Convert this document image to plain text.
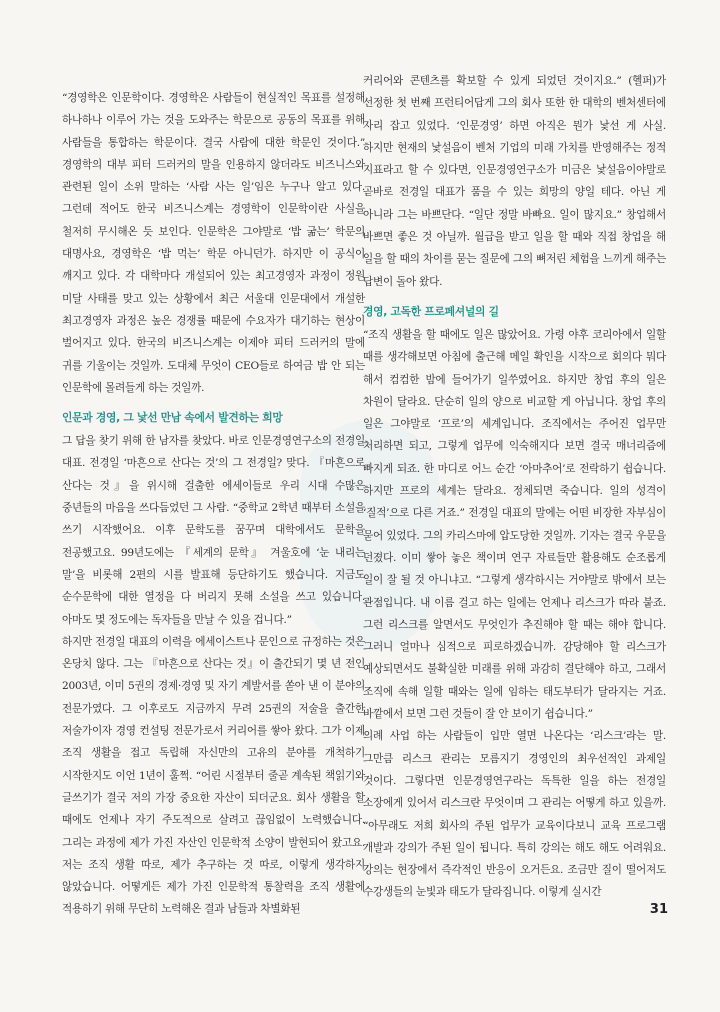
“경영학은 인문학이다. 경영학은 사람들이 현실적인 목표를 설정해 하나하나 이루어 가는 것을 도와주는 학문으로 공동의 목표를 위해 사람들을 통합하는 학문이다. 결국 사람에 대한 학문인 것이다.” 경영학의 대부 피터 드러커의 말을 인용하지 않더라도 비즈니스와 관련된 일이 소위 말하는 ‘사람 사는 일’임은 누구나 알고 있다. 그런데 적어도 한국 비즈니스계는 경영학이 인문학이란 사실을 철저히 무시해온 듯 보인다. 인문학은 그야말로 ‘밥 굶는’ 학문의 대명사요, 경영학은 ‘밥 먹는’ 학문 아니던가. 하지만 이 공식이 깨지고 있다. 각 대학마다 개설되어 있는 최고경영자 과정이 정원 미달 사태를 맞고 있는 상황에서 최근 서울대 인문대에서 개설한 최고경영자 과정은 높은 경쟁률 때문에 수요자가 대기하는 현상이 벌어지고 있다. 한국의 비즈니스계는 이제야 피터 드러커의 말에 귀를 기울이는 것일까. 도대체 무엇이 CEO들로 하여금 밥 안 되는 인문학에 몰려들게 하는 것일까.

인문과 경영, 그 낯선 만남 속에서 발견하는 희망

그 답을 찾기 위해 한 남자를 찾았다. 바로 인문경영연구소의 전경일 대표. 전경일 ‘마흔으로 산다는 것’의 그 전경일? 맞다. 『마흔으로 산다는 것』을 위시해 걸출한 에세이들로 우리 시대 수많은 중년들의 마음을 쓰다듬었던 그 사람. “중학교 2학년 때부터 소설을 쓰기 시작했어요. 이후 문학도를 꿈꾸며 대학에서도 문학을 전공했고요. 99년도에는 『세계의 문학』 겨울호에 ‘눈 내리는 말’을 비롯해 2편의 시를 발표해 등단하기도 했습니다. 지금도 순수문학에 대한 열정을 다 버리지 못해 소설을 쓰고 있습니다. 아마도 몇 정도에는 독자들을 만날 수 있을 겁니다.”

하지만 전경일 대표의 이력을 에세이스트나 문인으로 규정하는 것은 온당치 않다. 그는 『마흔으로 산다는 것』이 출간되기 몇 년 전인 2003년, 이미 5권의 경제·경영 및 자기 계발서를 쏟아 낸 이 분야의 전문가였다. 그 이후로도 지금까지 무려 25권의 저술을 출간한 저술가이자 경영 컨설팅 전문가로서 커리어를 쌓아 왔다. 그가 이제 조직 생활을 접고 독립해 자신만의 고유의 분야를 개척하기 시작한지도 이언 1년이 훌쩍. “어린 시절부터 줄곧 계속된 책읽기와 글쓰기가 결국 저의 가장 중요한 자산이 되더군요. 회사 생활을 할 때에도 언제나 자기 주도적으로 살려고 끊임없이 노력했습니다. 그리는 과정에 제가 가진 자산인 인문학적 소양이 발현되어 왔고요. 저는 조직 생활 따로, 제가 추구하는 것 따로, 이렇게 생각하지 않았습니다. 어떻게든 제가 가진 인문학적 통찰력을 조직 생활에 적용하기 위해 무단히 노력해온 결과 남들과 차별화된

커리어와 콘텐츠를 확보할 수 있게 되었던 것이지요.” (헬퍼)가 선정한 첫 번째 프런티어답게 그의 회사 또한 한 대학의 벤처센터에 자리 잡고 있었다. ‘인문경영’ 하면 아직은 뭔가 낯선 게 사실. 하지만 현재의 낯설음이 벤처 기업의 미래 가치를 반영해주는 정적 지표라고 할 수 있다면, 인문경영연구소가 미금은 낯설음이야말로 곧바로 전경일 대표가 품을 수 있는 희망의 양일 테다. 아닌 게 아니라 그는 바쁘단다. “일단 정말 바빠요. 일이 많지요.” 창업해서 바쁘면 좋은 것 아닐까. 월급을 받고 일을 할 때와 직접 창업을 해 일을 할 때의 차이를 묻는 질문에 그의 뼈저린 체험을 느끼게 해주는 답변이 돌아 왔다.

경영, 고독한 프로페셔널의 길

“조직 생활을 할 때에도 일은 많았어요. 가령 야후 코리아에서 일할 때를 생각해보면 아침에 출근해 메일 확인을 시작으로 회의다 뭐다 해서 컴컴한 밤에 들어가기 일쑤였어요. 하지만 창업 후의 일은 차원이 달라요. 단순히 일의 양으로 비교할 게 아닙니다. 창업 후의 일은 그야말로 ‘프로’의 세계입니다. 조직에서는 주어진 업무만 처리하면 되고, 그렇게 업무에 익숙해지다 보면 결국 매너리즘에 빠지게 되죠. 한 마디로 어느 순간 ‘아마추어’로 전락하기 쉽습니다. 하지만 프로의 세계는 달라요. 정체되면 죽습니다. 일의 성격이 ‘질적’으로 다른 거죠.” 전경일 대표의 말에는 어떤 비장한 자부심이 묻어 있었다. 그의 카리스마에 압도당한 것일까. 기자는 결국 우문을 던졌다. 이미 쌓아 놓은 책이며 연구 자료들만 활용해도 순조롭게 일이 잘 될 것 아니냐고. “그렇게 생각하시는 거야말로 밖에서 보는 관점입니다. 내 이름 걸고 하는 일에는 언제나 리스크가 따라 붙죠. 그런 리스크를 알면서도 무엇인가 추진해야 할 때는 해야 합니다. 그러니 얼마나 심적으로 피로하겠습니까. 감당해야 할 리스크가 예상되면서도 불확실한 미래를 위해 과감히 결단해야 하고, 그래서 조직에 속해 일할 때와는 일에 임하는 태도부터가 달라지는 거죠. 바깥에서 보면 그런 것들이 잘 안 보이기 쉽습니다.”

의례 사업 하는 사람들이 입만 열면 나온다는 ‘리스크’라는 말. 그만큼 리스크 관리는 모름지기 경영인의 최우선적인 과제일 것이다. 그렇다면 인문경영연구라는 독특한 일을 하는 전경일 소장에게 있어서 리스크란 무엇이며 그 관리는 어떻게 하고 있을까. “아무래도 저희 회사의 주된 업무가 교육이다보니 교육 프로그램 개발과 강의가 주된 일이 됩니다. 특히 강의는 해도 해도 어려워요. 강의는 현장에서 즉각적인 반응이 오거든요. 조금만 질이 떨어져도 수강생들의 눈빛과 태도가 달라집니다. 이렇게 실시간

31
